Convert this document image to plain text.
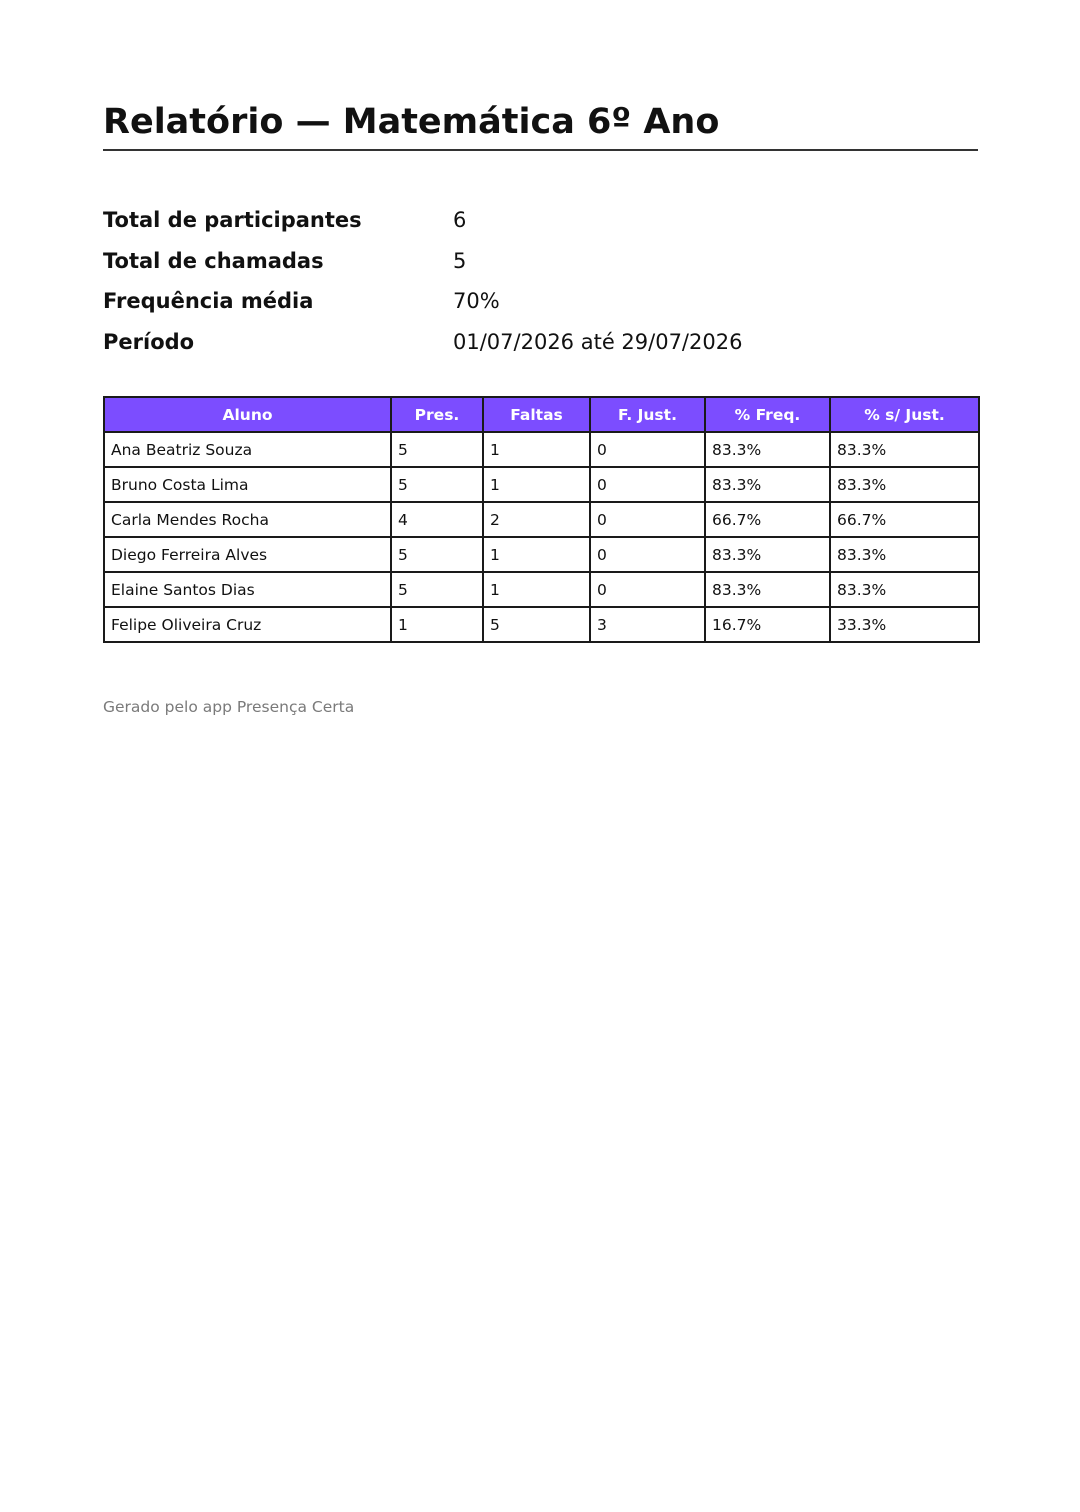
Relatório — Matemática 6º Ano
Total de participantes	6
Total de chamadas	5
Frequência média	70%
Período	01/07/2026 até 29/07/2026
Aluno	Pres.	Faltas	F. Just.	% Freq.	% s/ Just.
Ana Beatriz Souza	5	1	0	83.3%	83.3%
Bruno Costa Lima	5	1	0	83.3%	83.3%
Carla Mendes Rocha	4	2	0	66.7%	66.7%
Diego Ferreira Alves	5	1	0	83.3%	83.3%
Elaine Santos Dias	5	1	0	83.3%	83.3%
Felipe Oliveira Cruz	1	5	3	16.7%	33.3%
Gerado pelo app Presença Certa
